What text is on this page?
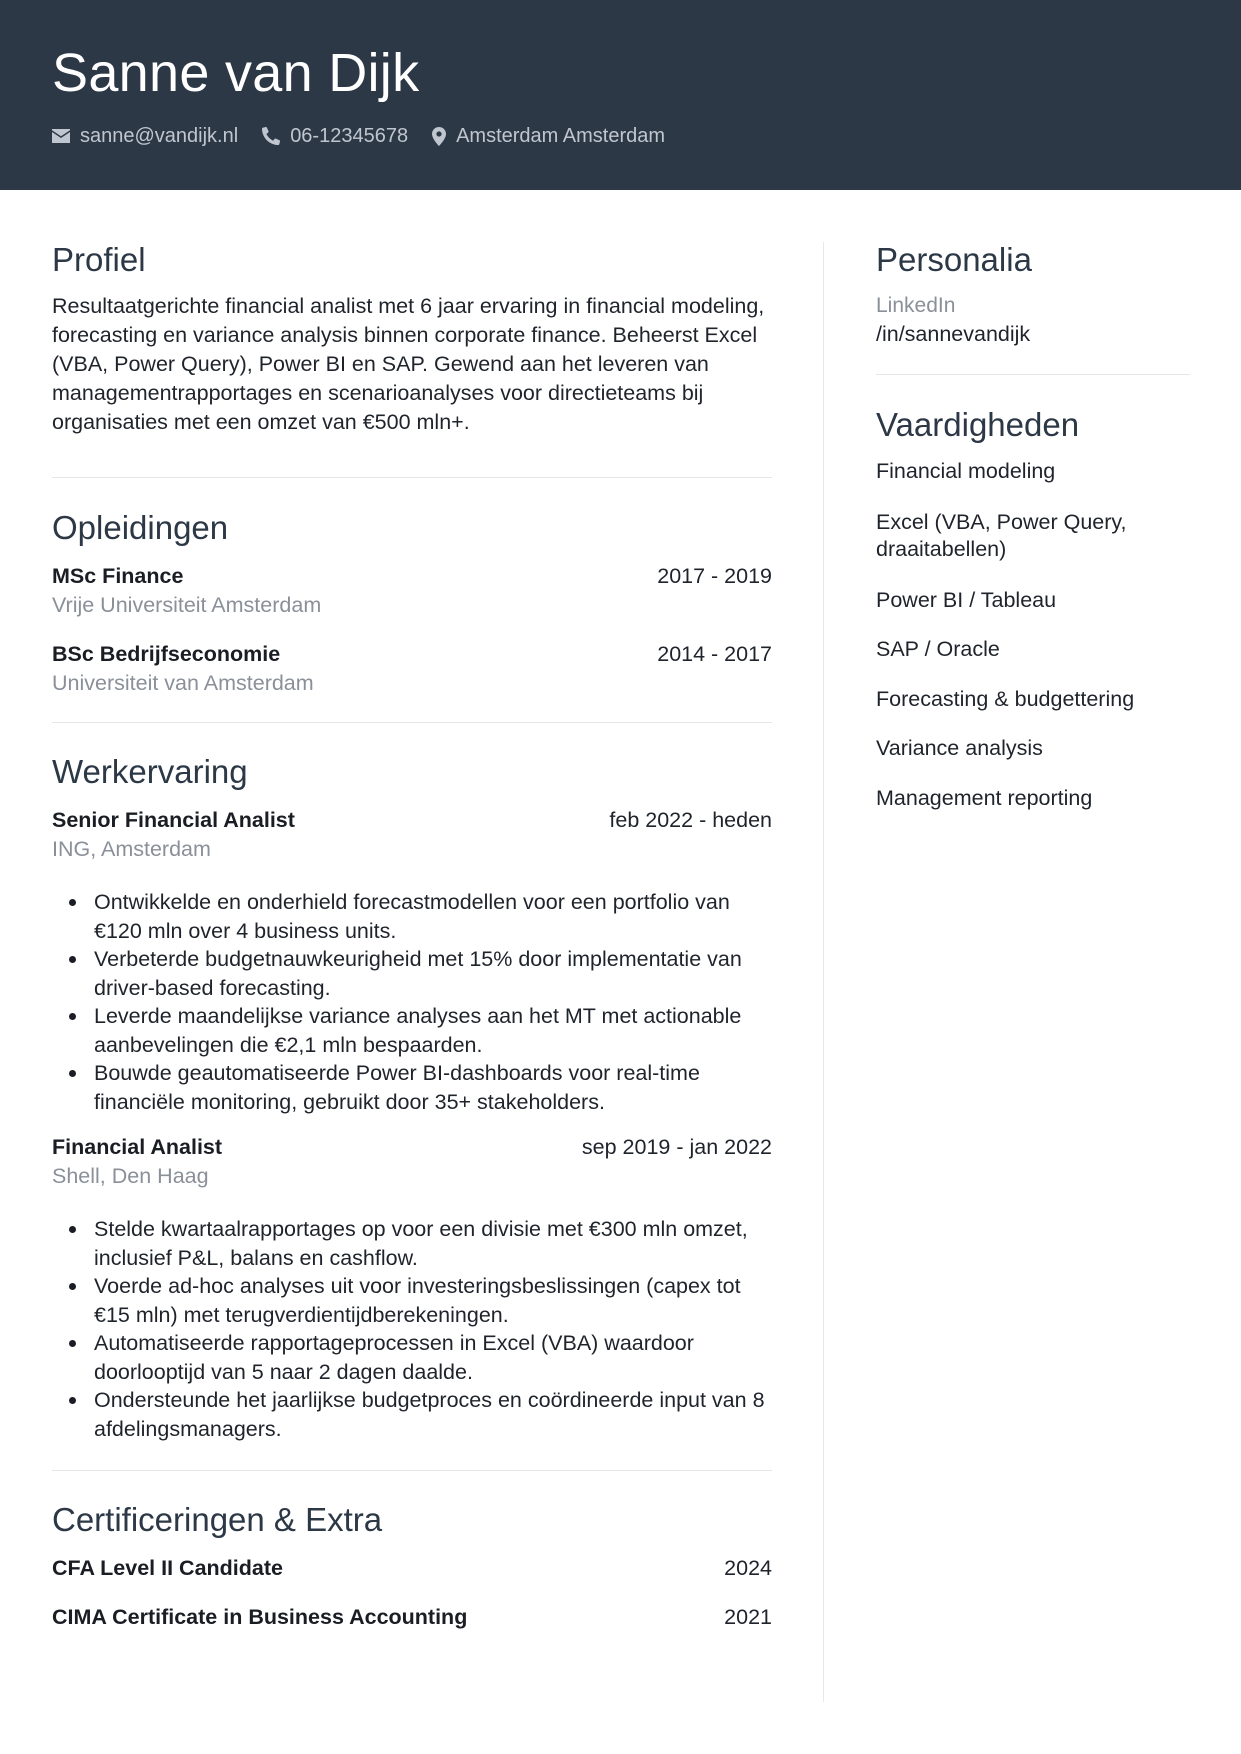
Sanne van Dijk
sanne@vandijk.nl	06-12345678 Amsterdam Amsterdam
Profiel

Resultaatgerichte financial analist met 6 jaar ervaring in financial modeling, forecasting en variance analysis binnen corporate finance. Beheerst Excel (VBA, Power Query), Power BI en SAP. Gewend aan het leveren van managementrapportages en scenarioanalyses voor directieteams bij organisaties met een omzet van €500 mln+.

Opleidingen
MSc Finance	2017 - 2019
Vrije Universiteit Amsterdam
BSc Bedrijfseconomie	2014 - 2017
Universiteit van Amsterdam
Werkervaring
Senior Financial Analist	feb 2022 - heden
ING, Amsterdam
Ontwikkelde en onderhield forecastmodellen voor een portfolio van €120 mln over 4 business units.
Verbeterde budgetnauwkeurigheid met 15% door implementatie van driver-based forecasting.
Leverde maandelijkse variance analyses aan het MT met actionable aanbevelingen die €2,1 mln bespaarden.
Bouwde geautomatiseerde Power BI-dashboards voor real-time financiële monitoring, gebruikt door 35+ stakeholders.
Financial Analist	sep 2019 - jan 2022
Shell, Den Haag
Stelde kwartaalrapportages op voor een divisie met €300 mln omzet, inclusief P&L, balans en cashflow.
Voerde ad-hoc analyses uit voor investeringsbeslissingen (capex tot €15 mln) met terugverdientijdberekeningen.
Automatiseerde rapportageprocessen in Excel (VBA) waardoor doorlooptijd van 5 naar 2 dagen daalde.
Ondersteunde het jaarlijkse budgetproces en coördineerde input van 8 afdelingsmanagers.
Certificeringen & Extra
CFA Level II Candidate	2024
CIMA Certificate in Business Accounting	2021
Personalia
LinkedIn
/in/sannevandijk
Vaardigheden
Financial modeling
Excel (VBA, Power Query, draaitabellen)
Power BI / Tableau
SAP / Oracle
Forecasting & budgettering
Variance analysis
Management reporting
